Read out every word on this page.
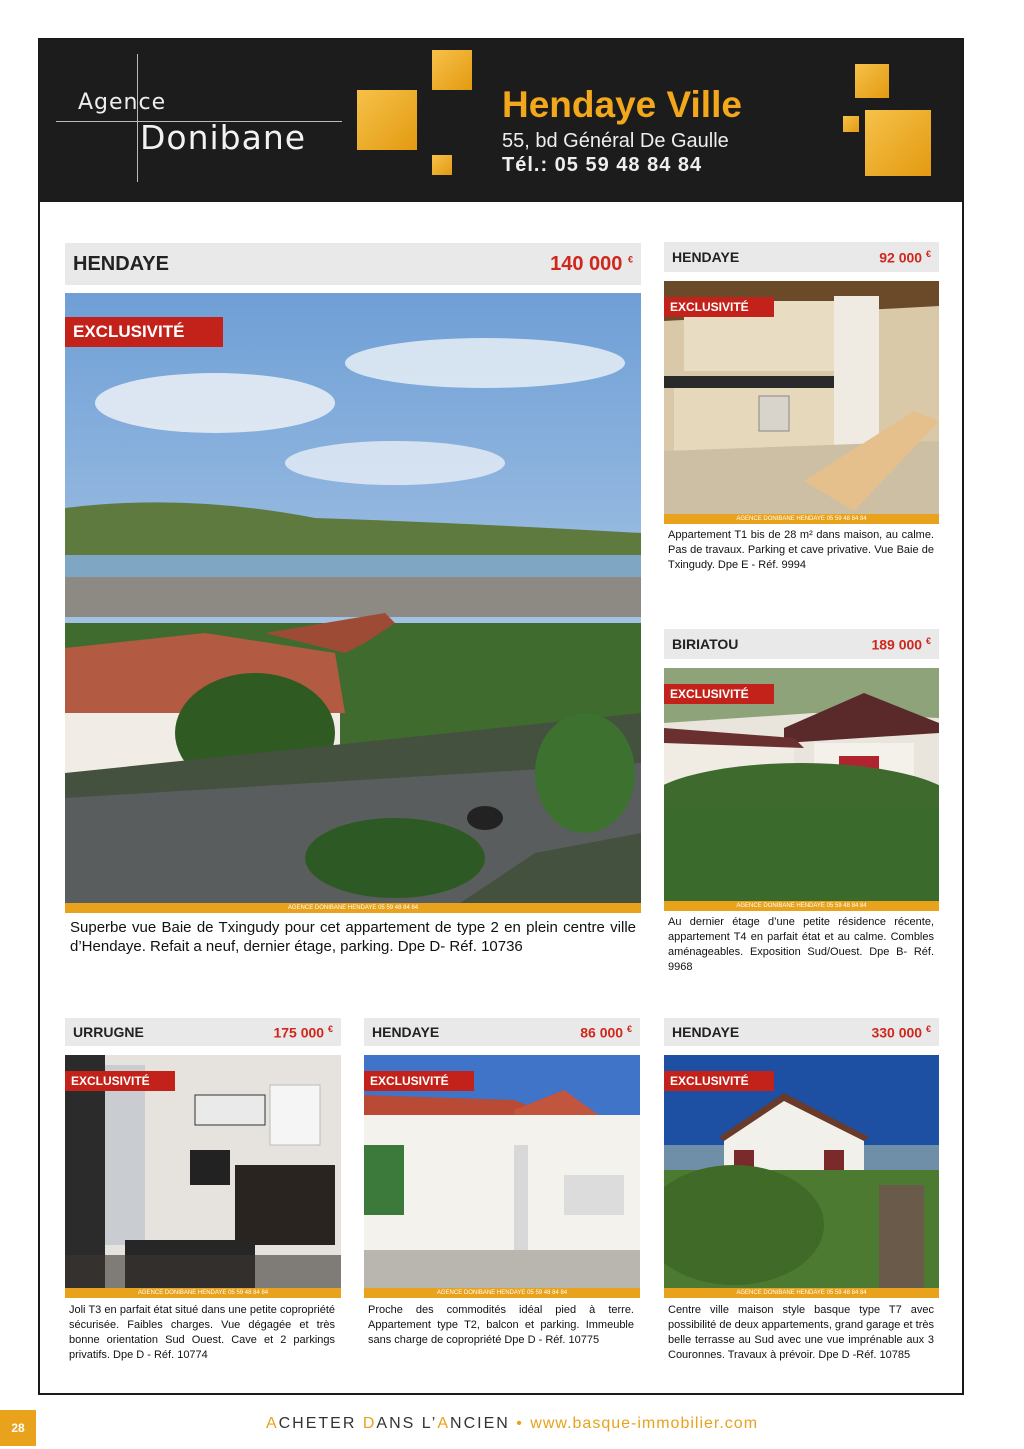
Agence
Donibane
Hendaye Ville
55, bd Général De Gaulle
Tél.: 05 59 48 84 84
HENDAYE	140 000 €
EXCLUSIVITÉ
AGENCE DONIBANE HENDAYE 05 59 48 84 84
Superbe vue Baie de Txingudy pour cet appartement de type 2 en plein centre ville d’Hendaye. Refait a neuf, dernier étage, parking. Dpe D- Réf. 10736
HENDAYE	92 000 €
EXCLUSIVITÉ
AGENCE DONIBANE HENDAYE 05 59 48 84 84
Appartement T1 bis de 28 m² dans maison, au calme. Pas de travaux. Parking et cave privative. Vue Baie de Txingudy. Dpe E - Réf. 9994
BIRIATOU	189 000 €
EXCLUSIVITÉ
AGENCE DONIBANE HENDAYE 05 59 48 84 84
Au dernier étage d’une petite résidence récente, appartement T4 en parfait état et au calme. Combles aménageables. Exposition Sud/Ouest. Dpe B- Réf. 9968
URRUGNE	175 000 €
EXCLUSIVITÉ
AGENCE DONIBANE HENDAYE 05 59 48 84 84
Joli T3 en parfait état situé dans une petite copropriété sécurisée. Faibles charges. Vue dégagée et très bonne orientation Sud Ouest. Cave et 2 parkings privatifs. Dpe D - Réf. 10774
HENDAYE	86 000 €
EXCLUSIVITÉ
AGENCE DONIBANE HENDAYE 05 59 48 84 84
Proche des commodités idéal pied à terre. Appartement type T2, balcon et parking. Immeuble sans charge de copropriété Dpe D - Réf. 10775
HENDAYE	330 000 €
EXCLUSIVITÉ
AGENCE DONIBANE HENDAYE 05 59 48 84 84
Centre ville maison style basque type T7 avec possibilité de deux appartements, grand garage et très belle terrasse au Sud avec une vue imprénable aux 3 Couronnes. Travaux à prévoir. Dpe D -Réf. 10785
28	ACHETER DANS L’ANCIEN • www.basque-immobilier.com
